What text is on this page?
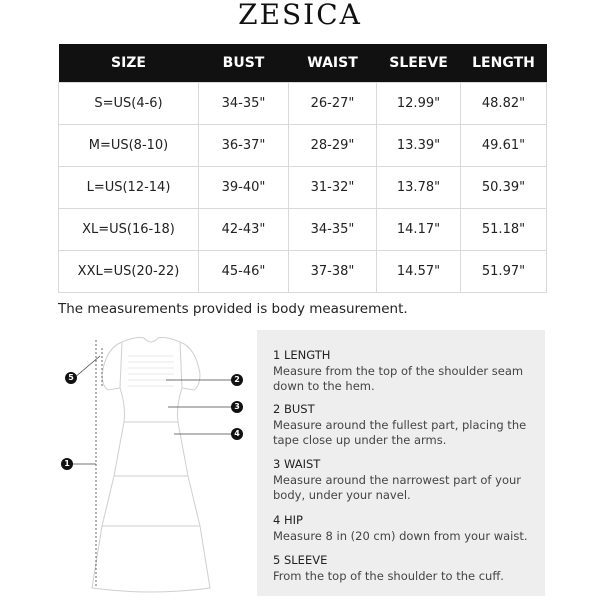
ZESICA
SIZE	BUST	WAIST	SLEEVE	LENGTH
S=US(4-6)	34-35"	26-27"	12.99"	48.82"
M=US(8-10)	36-37"	28-29"	13.39"	49.61"
L=US(12-14)	39-40"	31-32"	13.78"	50.39"
XL=US(16-18)	42-43"	34-35"	14.17"	51.18"
XXL=US(20-22)	45-46"	37-38"	14.57"	51.97"
The measurements provided is body measurement.
1
2
3
4
5

1 LENGTH

Measure from the top of the shoulder seam down to the hem.

2 BUST

Measure around the fullest part, placing the tape close up under the arms.

3 WAIST

Measure around the narrowest part of your body, under your navel.

4 HIP

Measure 8 in (20 cm) down from your waist.

5 SLEEVE

From the top of the shoulder to the cuff.
